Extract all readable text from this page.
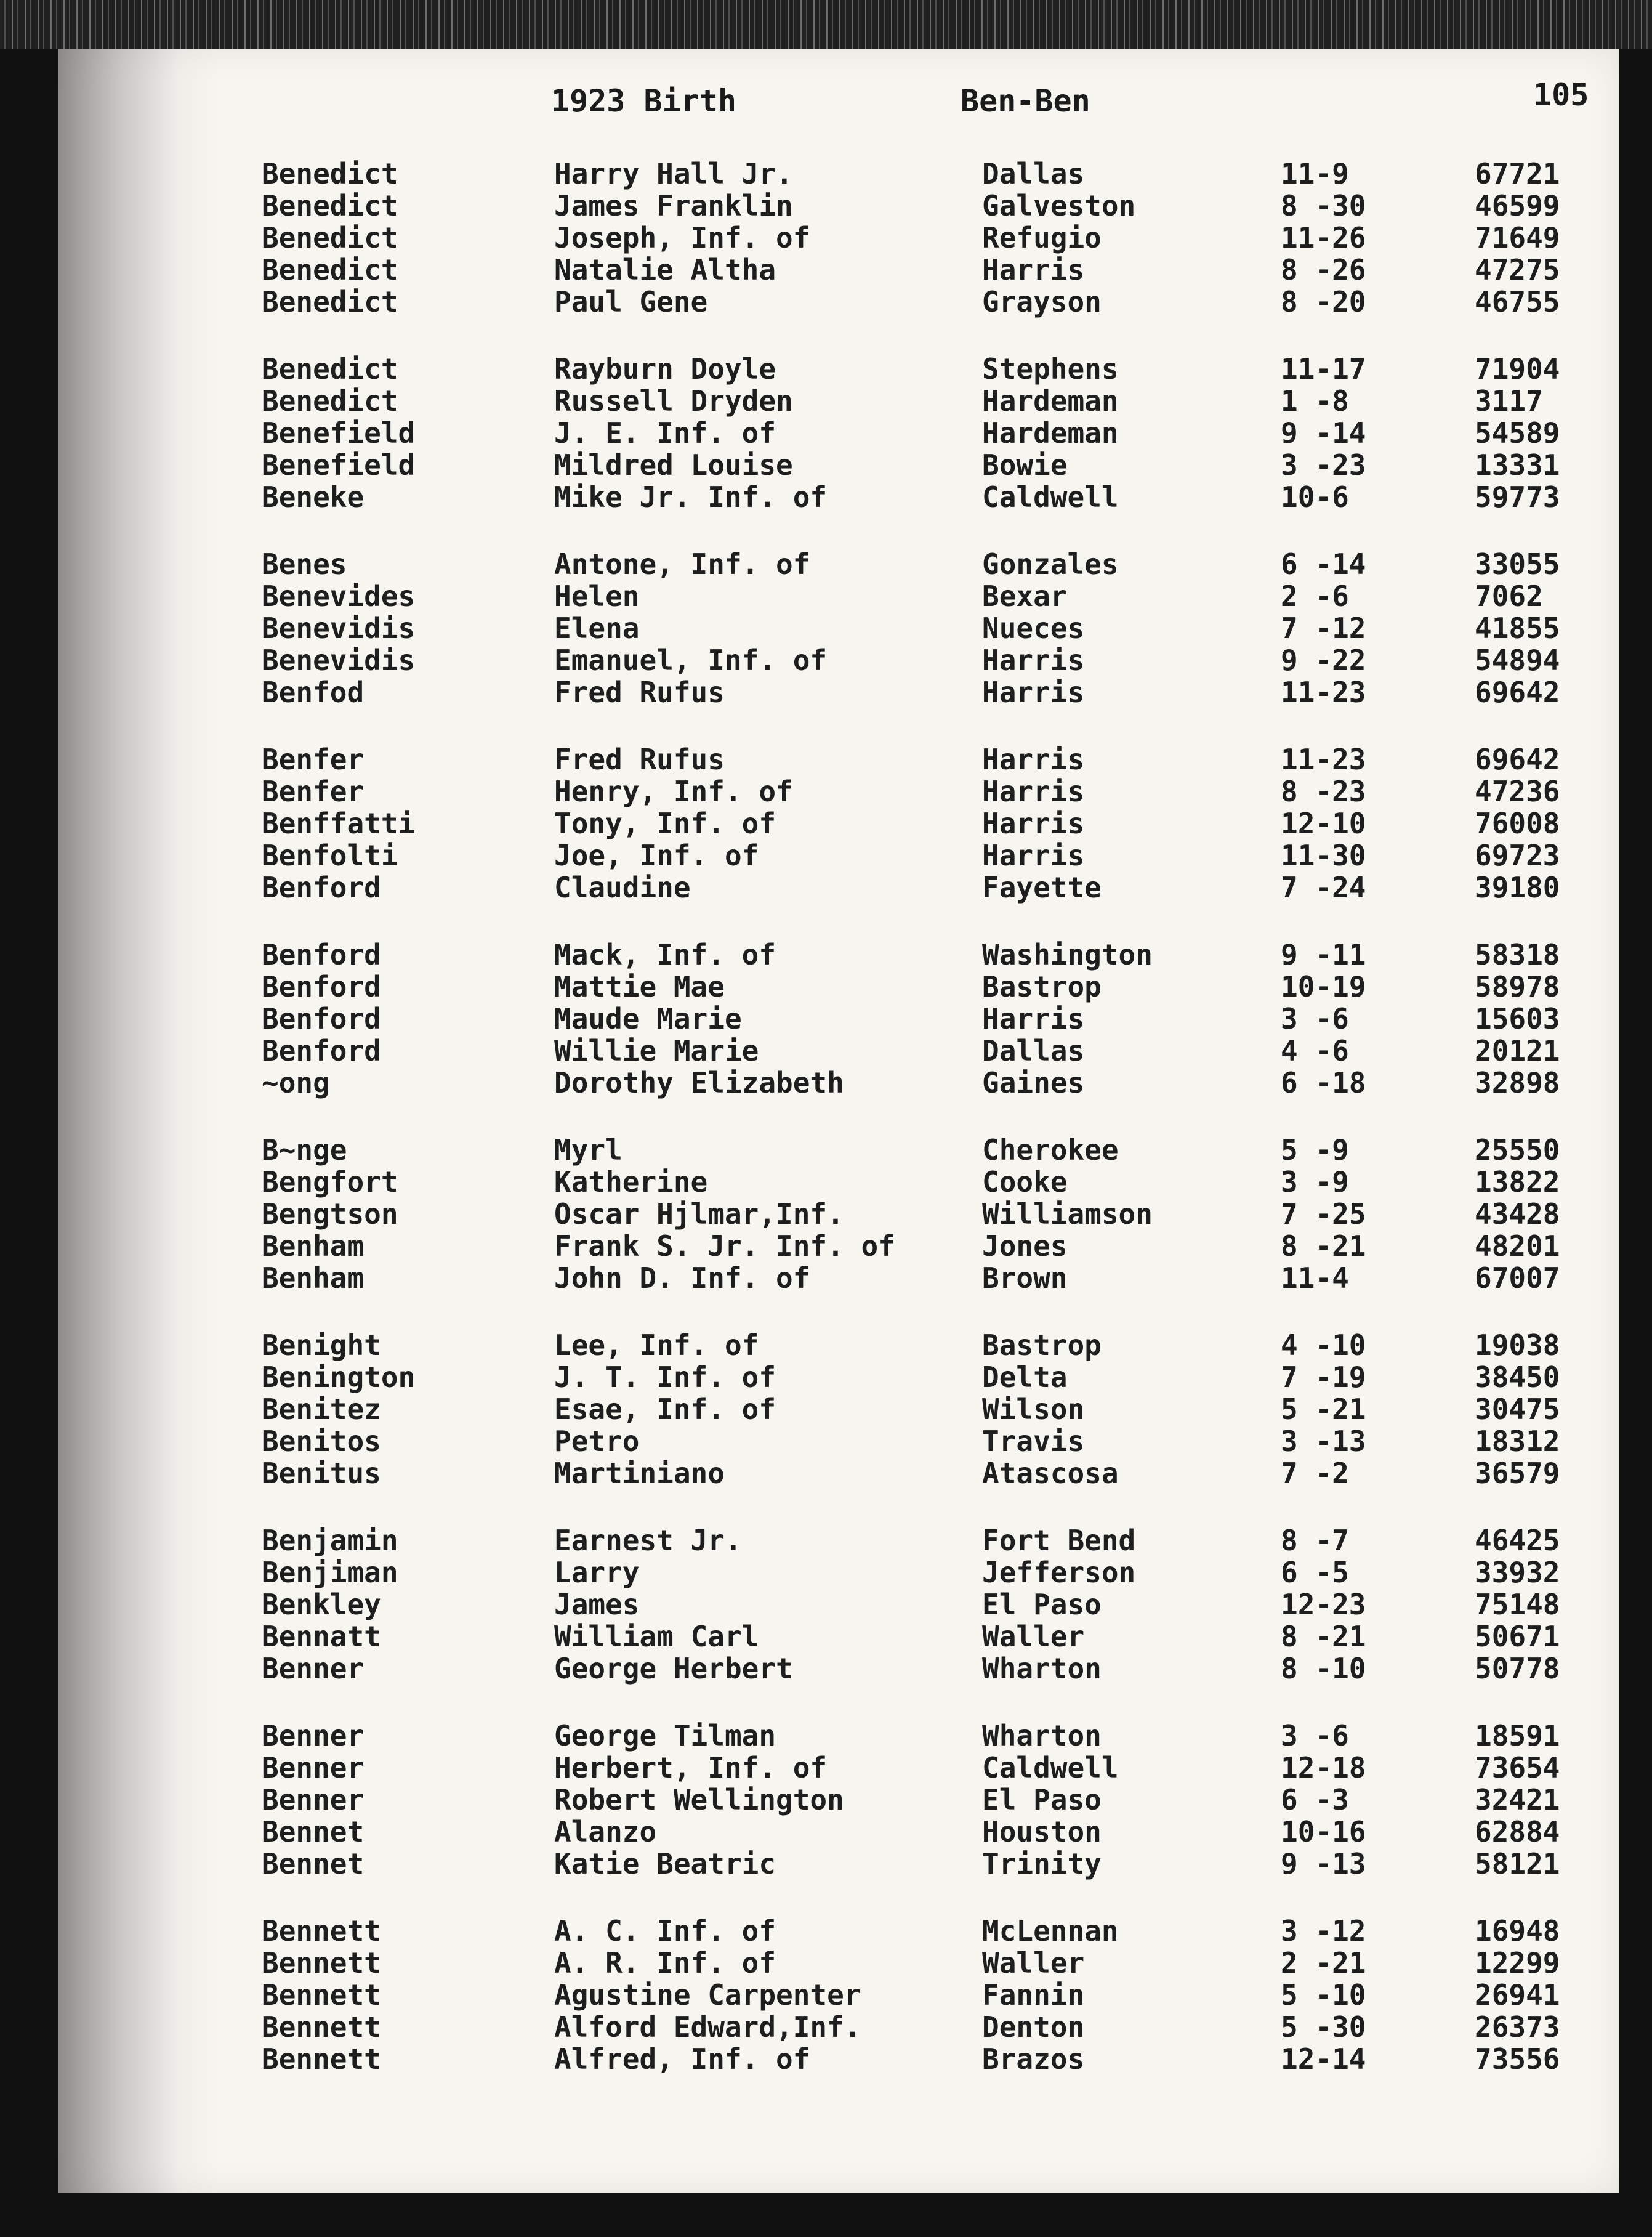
1923 Birth	Ben-Ben	105
Benedict	Harry Hall Jr.	Dallas	11-9	67721
Benedict	James Franklin	Galveston	8 -30	46599
Benedict	Joseph, Inf. of	Refugio	11-26	71649
Benedict	Natalie Altha	Harris	8 -26	47275
Benedict	Paul Gene	Grayson	8 -20	46755
Benedict	Rayburn Doyle	Stephens	11-17	71904
Benedict	Russell Dryden	Hardeman	1 -8	3117
Benefield	J. E. Inf. of	Hardeman	9 -14	54589
Benefield	Mildred Louise	Bowie	3 -23	13331
Beneke	Mike Jr. Inf. of	Caldwell	10-6	59773
Benes	Antone, Inf. of	Gonzales	6 -14	33055
Benevides	Helen	Bexar	2 -6	7062
Benevidis	Elena	Nueces	7 -12	41855
Benevidis	Emanuel, Inf. of	Harris	9 -22	54894
Benfod	Fred Rufus	Harris	11-23	69642
Benfer	Fred Rufus	Harris	11-23	69642
Benfer	Henry, Inf. of	Harris	8 -23	47236
Benffatti	Tony, Inf. of	Harris	12-10	76008
Benfolti	Joe, Inf. of	Harris	11-30	69723
Benford	Claudine	Fayette	7 -24	39180
Benford	Mack, Inf. of	Washington	9 -11	58318
Benford	Mattie Mae	Bastrop	10-19	58978
Benford	Maude Marie	Harris	3 -6	15603
Benford	Willie Marie	Dallas	4 -6	20121
~ong	Dorothy Elizabeth	Gaines	6 -18	32898
B~nge	Myrl	Cherokee	5 -9	25550
Bengfort	Katherine	Cooke	3 -9	13822
Bengtson	Oscar Hjlmar,Inf.	Williamson	7 -25	43428
Benham	Frank S. Jr. Inf. of	Jones	8 -21	48201
Benham	John D. Inf. of	Brown	11-4	67007
Benight	Lee, Inf. of	Bastrop	4 -10	19038
Benington	J. T. Inf. of	Delta	7 -19	38450
Benitez	Esae, Inf. of	Wilson	5 -21	30475
Benitos	Petro	Travis	3 -13	18312
Benitus	Martiniano	Atascosa	7 -2	36579
Benjamin	Earnest Jr.	Fort Bend	8 -7	46425
Benjiman	Larry	Jefferson	6 -5	33932
Benkley	James	El Paso	12-23	75148
Bennatt	William Carl	Waller	8 -21	50671
Benner	George Herbert	Wharton	8 -10	50778
Benner	George Tilman	Wharton	3 -6	18591
Benner	Herbert, Inf. of	Caldwell	12-18	73654
Benner	Robert Wellington	El Paso	6 -3	32421
Bennet	Alanzo	Houston	10-16	62884
Bennet	Katie Beatric	Trinity	9 -13	58121
Bennett	A. C. Inf. of	McLennan	3 -12	16948
Bennett	A. R. Inf. of	Waller	2 -21	12299
Bennett	Agustine Carpenter	Fannin	5 -10	26941
Bennett	Alford Edward,Inf.	Denton	5 -30	26373
Bennett	Alfred, Inf. of	Brazos	12-14	73556
